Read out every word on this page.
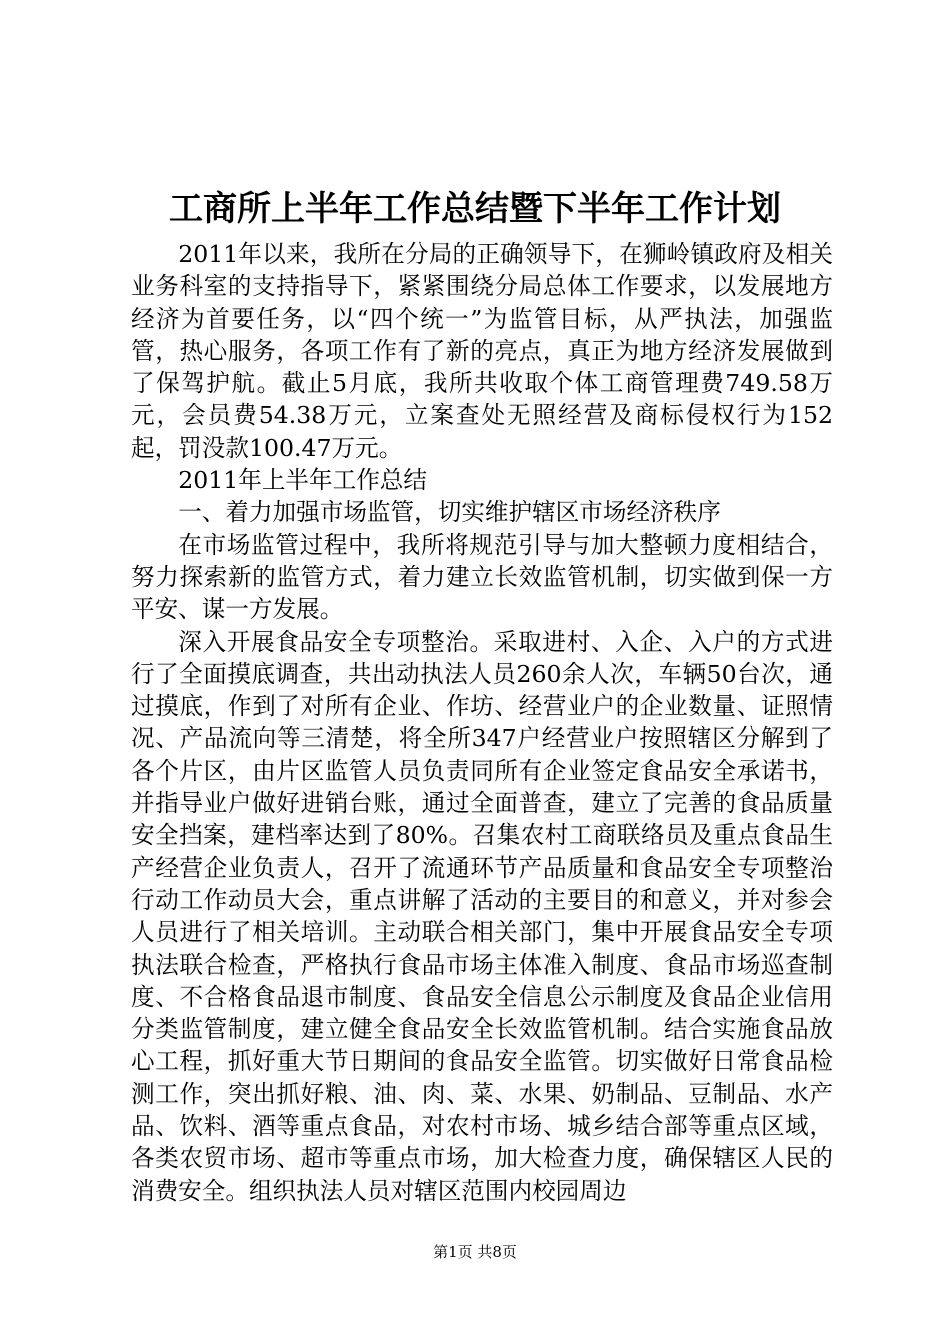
工商所上半年工作总结暨下半年工作计划

2011年以来，我所在分局的正确领导下，在狮岭镇政府及相关业务科室的支持指导下，紧紧围绕分局总体工作要求，以发展地方经济为首要任务，以“四个统一”为监管目标，从严执法，加强监管，热心服务，各项工作有了新的亮点，真正为地方经济发展做到了保驾护航。截止5月底，我所共收取个体工商管理费749.58万元，会员费54.38万元，立案查处无照经营及商标侵权行为152起，罚没款100.47万元。

2011年上半年工作总结

一、着力加强市场监管，切实维护辖区市场经济秩序

在市场监管过程中，我所将规范引导与加大整顿力度相结合，努力探索新的监管方式，着力建立长效监管机制，切实做到保一方平安、谋一方发展。

深入开展食品安全专项整治。采取进村、入企、入户的方式进行了全面摸底调查，共出动执法人员260余人次，车辆50台次，通过摸底，作到了对所有企业、作坊、经营业户的企业数量、证照情况、产品流向等三清楚，将全所347户经营业户按照辖区分解到了各个片区，由片区监管人员负责同所有企业签定食品安全承诺书，并指导业户做好进销台账，通过全面普查，建立了完善的食品质量安全挡案，建档率达到了80%。召集农村工商联络员及重点食品生产经营企业负责人，召开了流通环节产品质量和食品安全专项整治行动工作动员大会，重点讲解了活动的主要目的和意义，并对参会人员进行了相关培训。主动联合相关部门，集中开展食品安全专项执法联合检查，严格执行食品市场主体准入制度、食品市场巡查制度、不合格食品退市制度、食品安全信息公示制度及食品企业信用分类监管制度，建立健全食品安全长效监管机制。结合实施食品放心工程，抓好重大节日期间的食品安全监管。切实做好日常食品检测工作，突出抓好粮、油、肉、菜、水果、奶制品、豆制品、水产品、饮料、酒等重点食品，对农村市场、城乡结合部等重点区域，各类农贸市场、超市等重点市场，加大检查力度，确保辖区人民的消费安全。组织执法人员对辖区范围内校园周边

第1页 共8页
